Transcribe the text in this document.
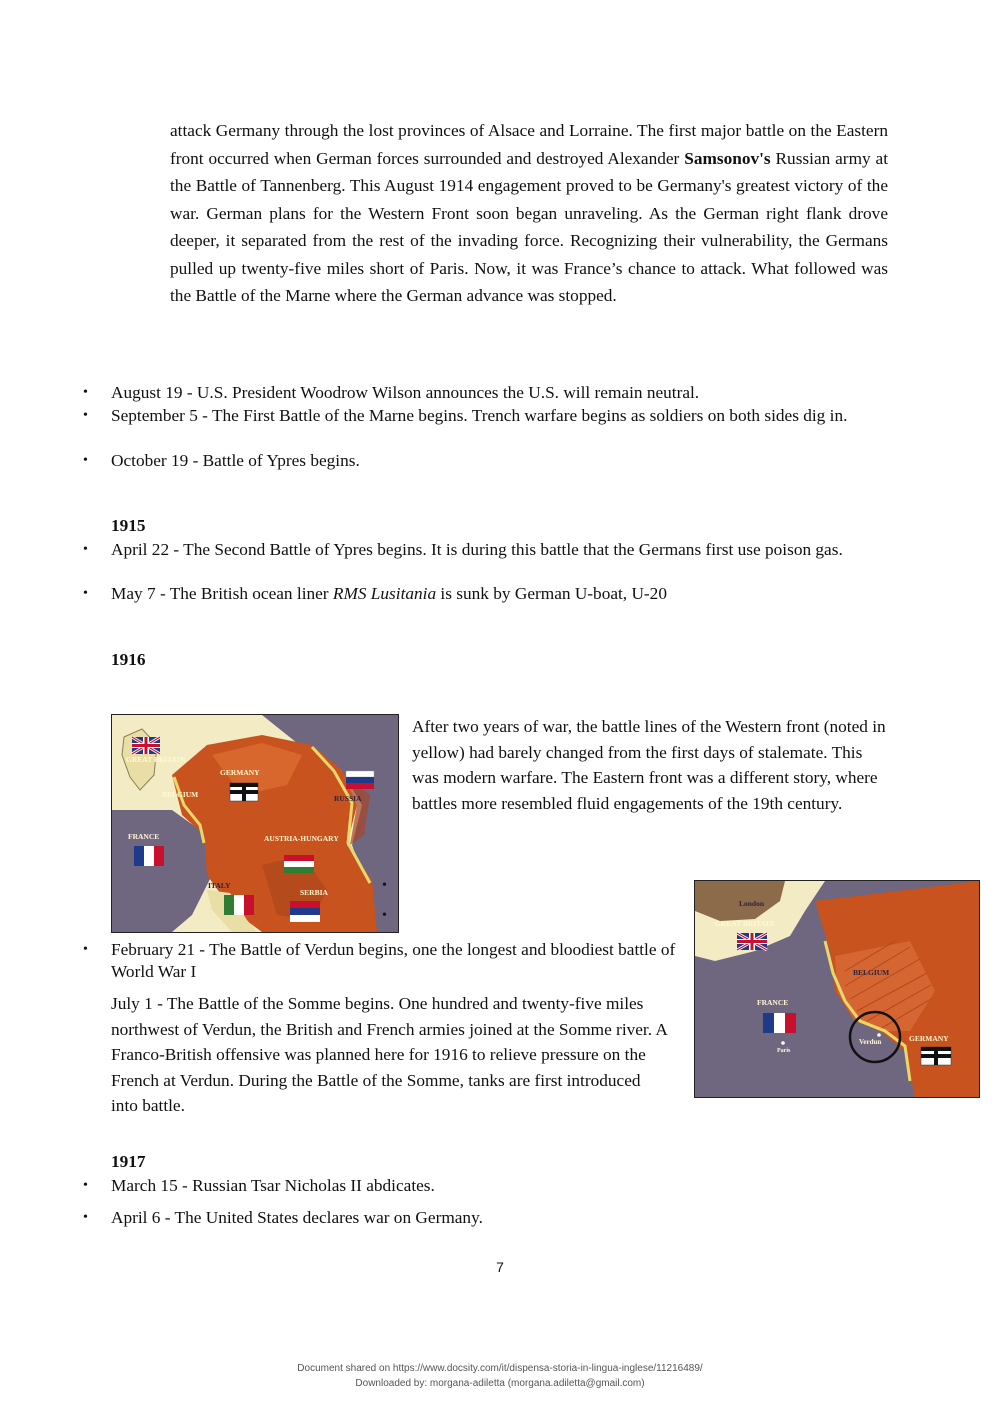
attack Germany through the lost provinces of Alsace and Lorraine. The first major battle on the Eastern front occurred when German forces surrounded and destroyed Alexander Samsonov's Russian army at the Battle of Tannenberg. This August 1914 engagement proved to be Germany's greatest victory of the war. German plans for the Western Front soon began unraveling. As the German right flank drove deeper, it separated from the rest of the invading force. Recognizing their vulnerability, the Germans pulled up twenty-five miles short of Paris. Now, it was France’s chance to attack. What followed was the Battle of the Marne where the German advance was stopped.
• August 19 - U.S. President Woodrow Wilson announces the U.S. will remain neutral.
• September 5 - The First Battle of the Marne begins. Trench warfare begins as soldiers on both sides dig in.
• October 19 - Battle of Ypres begins.
1915
• April 22 - The Second Battle of Ypres begins. It is during this battle that the Germans first use poison gas.
• May 7 - The British ocean liner RMS Lusitania is sunk by German U-boat, U-20
1916
GREAT BRITAIN
GERMANY
BELGIUM	RUSSIA
FRANCE	AUSTRIA-HUNGARY
ITALY
SERBIA
After two years of war, the battle lines of the Western front (noted in yellow) had barely changed from the first days of stalemate. This was modern warfare. The Eastern front was a different story, where battles more resembled fluid engagements of the 19th century.
•
•
London
GREAT BRITAIN
BELGIUM
FRANCE
Paris
Verdun	GERMANY
• February 21 - The Battle of Verdun begins, one the longest and bloodiest battle of World War I
July 1 - The Battle of the Somme begins. One hundred and twenty-five miles northwest of Verdun, the British and French armies joined at the Somme river. A Franco-British offensive was planned here for 1916 to relieve pressure on the French at Verdun. During the Battle of the Somme, tanks are first introduced into battle.
1917
• March 15 - Russian Tsar Nicholas II abdicates.
• April 6 - The United States declares war on Germany.
7
Document shared on https://www.docsity.com/it/dispensa-storia-in-lingua-inglese/11216489/
Downloaded by: morgana-adiletta (morgana.adiletta@gmail.com)
